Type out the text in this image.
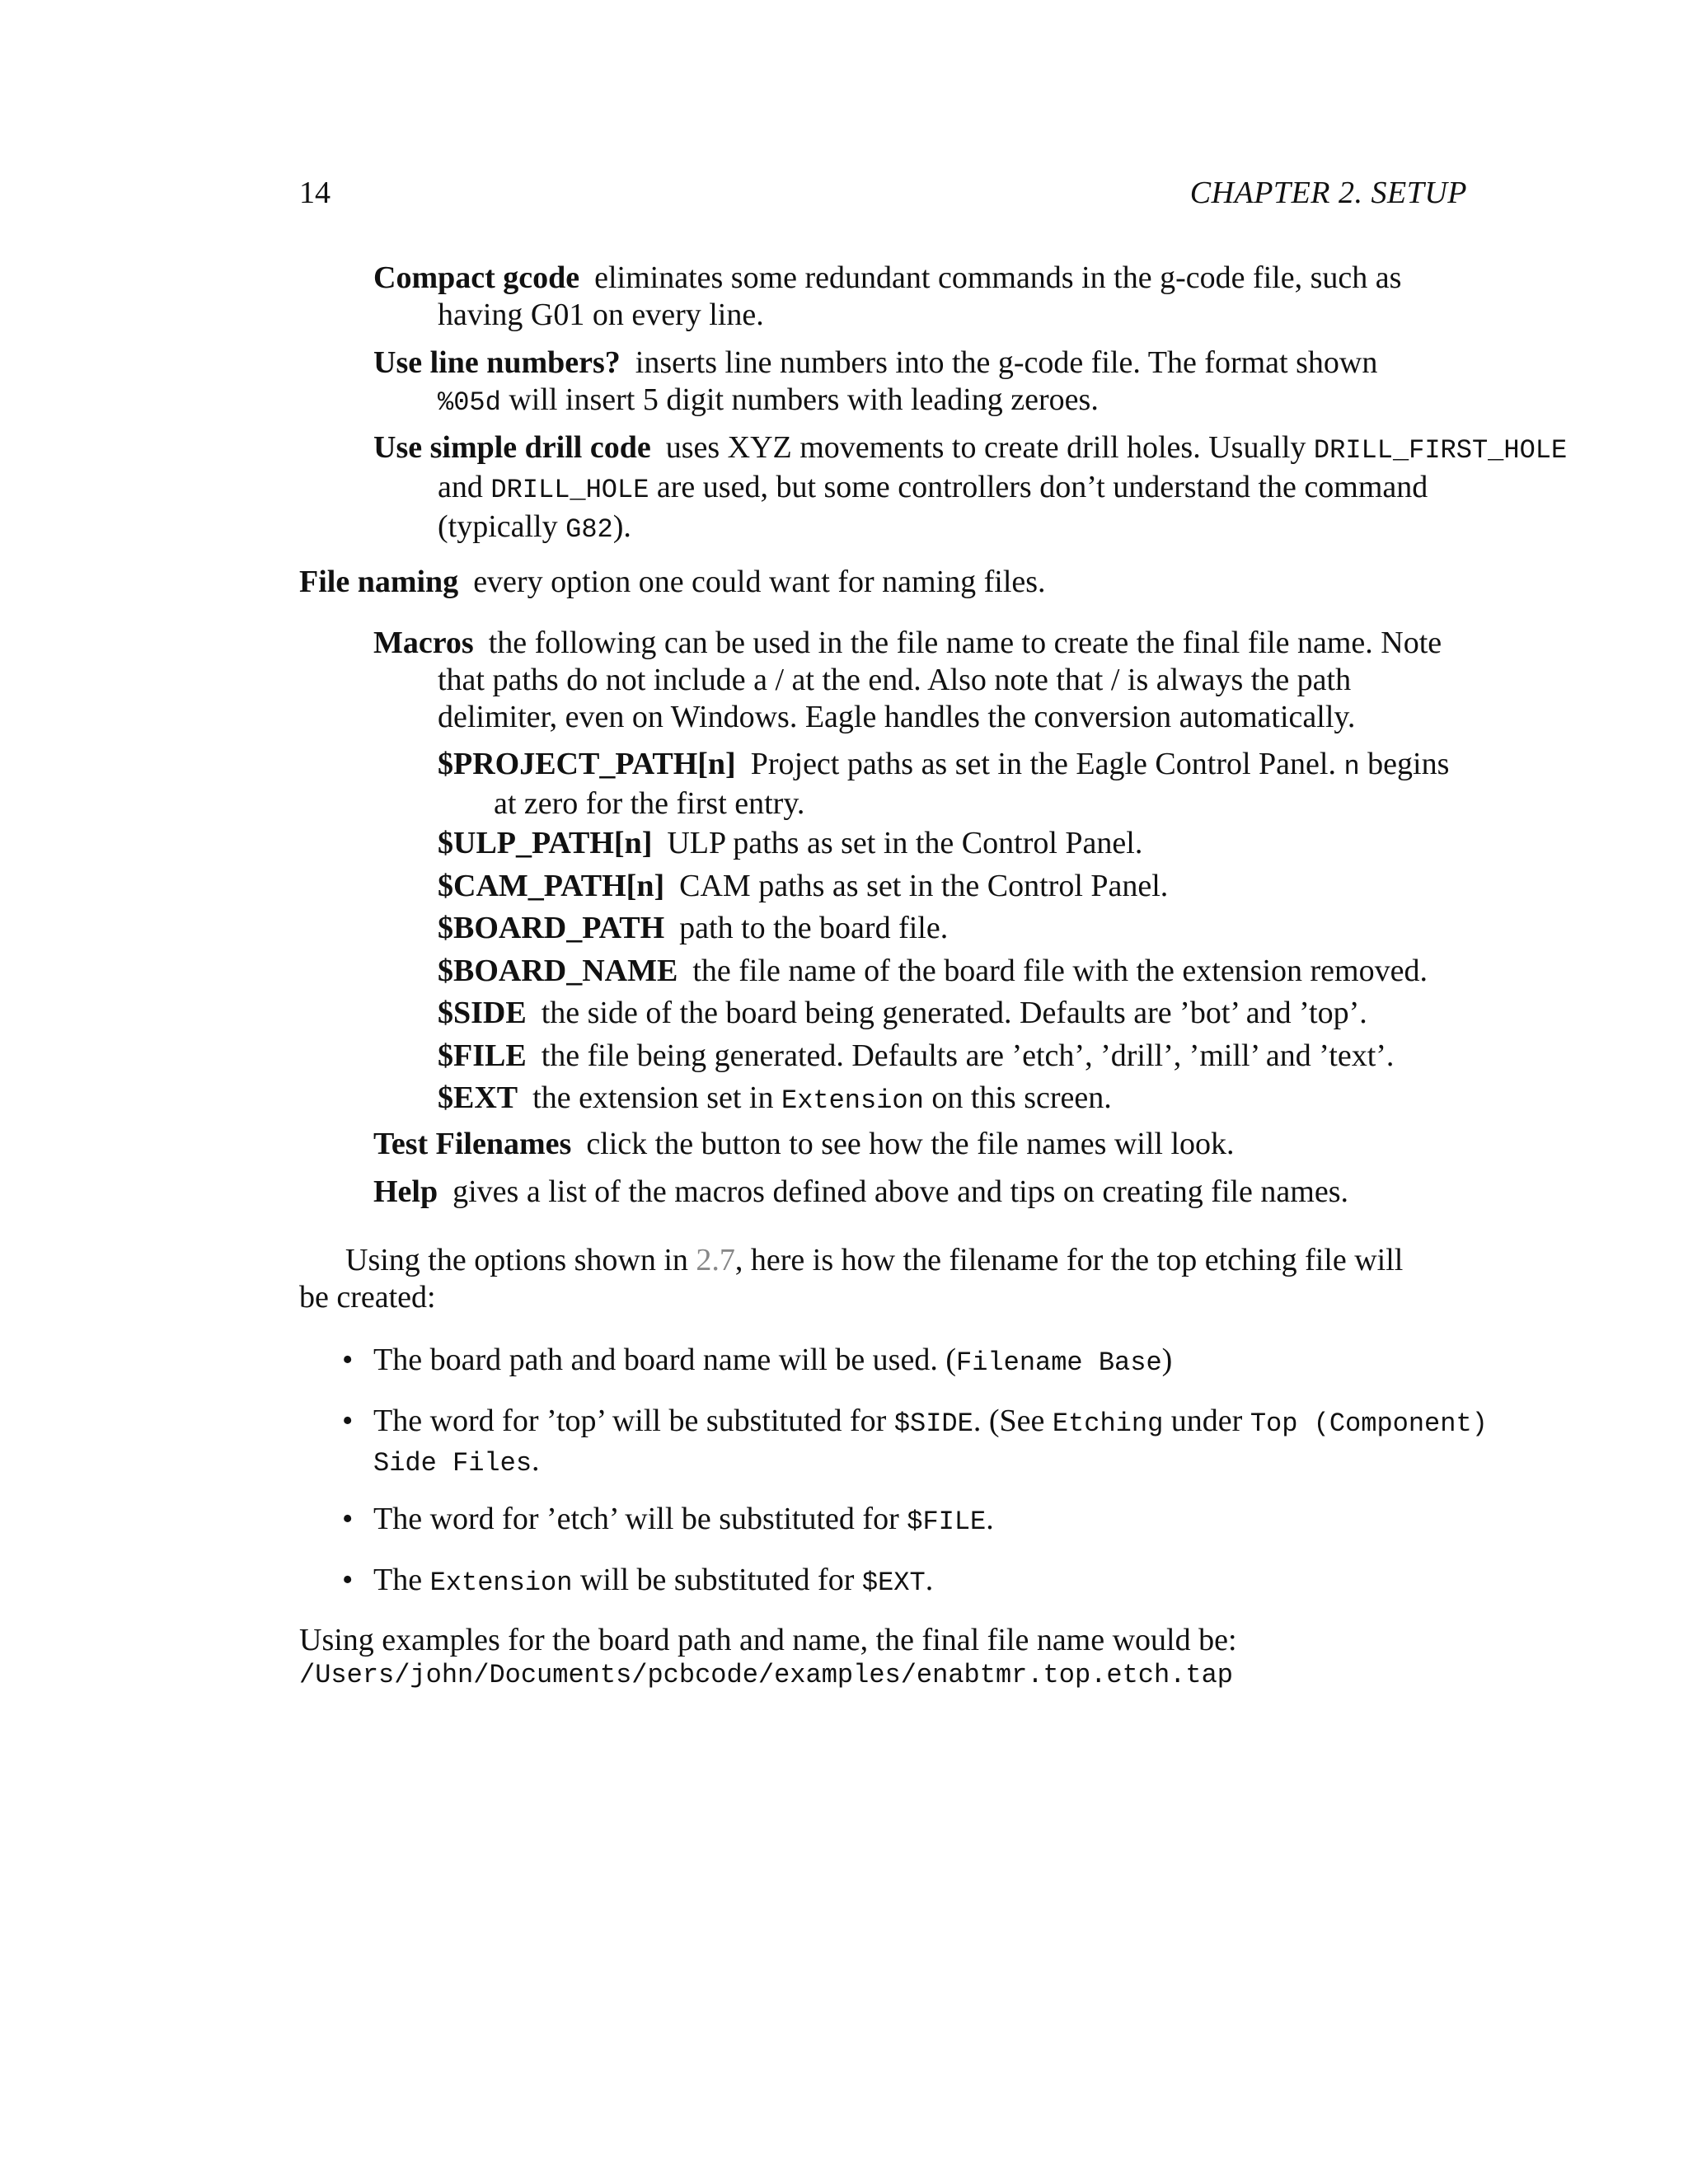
14	CHAPTER 2. SETUP
Compact gcode eliminates some redundant commands in the g-code file, such as
having G01 on every line.
Use line numbers? inserts line numbers into the g-code file. The format shown
%05d will insert 5 digit numbers with leading zeroes.
Use simple drill code uses XYZ movements to create drill holes. Usually DRILL_FIRST_HOLE
and DRILL_HOLE are used, but some controllers don’t understand the command
(typically G82).
File naming every option one could want for naming files.
Macros the following can be used in the file name to create the final file name. Note
that paths do not include a / at the end. Also note that / is always the path
delimiter, even on Windows. Eagle handles the conversion automatically.
$PROJECT_PATH[n] Project paths as set in the Eagle Control Panel. n begins
at zero for the first entry.
$ULP_PATH[n] ULP paths as set in the Control Panel.
$CAM_PATH[n] CAM paths as set in the Control Panel.
$BOARD_PATH path to the board file.
$BOARD_NAME the file name of the board file with the extension removed.
$SIDE the side of the board being generated. Defaults are ’bot’ and ’top’.
$FILE the file being generated. Defaults are ’etch’, ’drill’, ’mill’ and ’text’.
$EXT the extension set in Extension on this screen.
Test Filenames click the button to see how the file names will look.
Help gives a list of the macros defined above and tips on creating file names.
Using the options shown in 2.7, here is how the filename for the top etching file will
be created:
• The board path and board name will be used. (Filename Base)
• The word for ’top’ will be substituted for $SIDE. (See Etching under Top (Component)
Side Files.
• The word for ’etch’ will be substituted for $FILE.
• The Extension will be substituted for $EXT.
Using examples for the board path and name, the final file name would be:
/Users/john/Documents/pcbcode/examples/enabtmr.top.etch.tap
